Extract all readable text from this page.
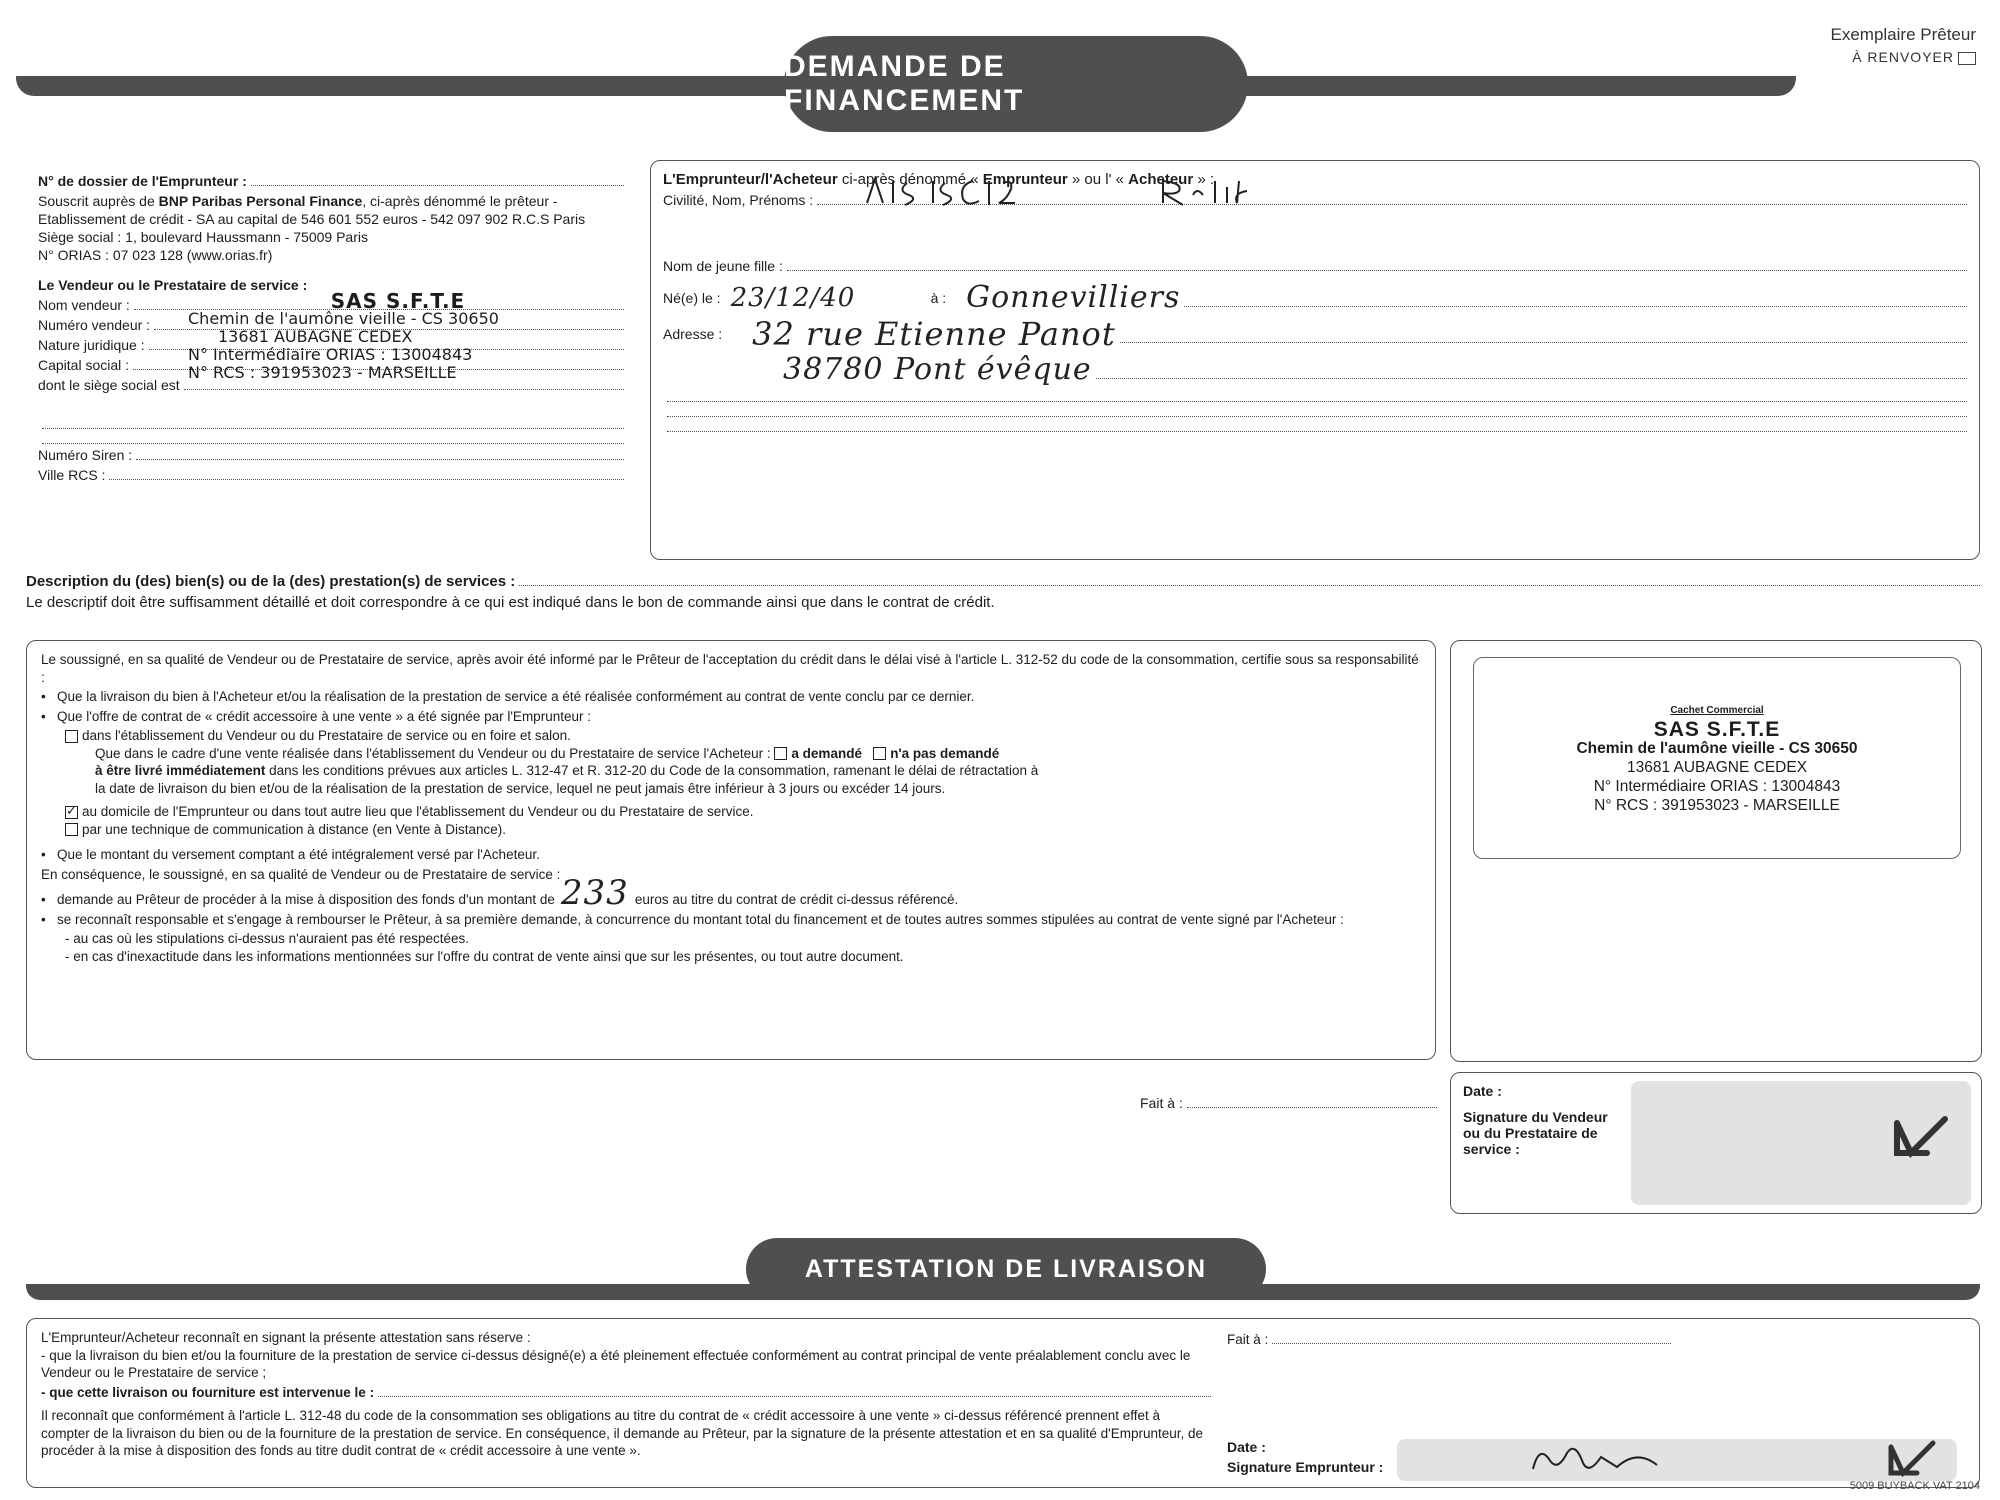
DEMANDE DE FINANCEMENT
Exemplaire Prêteur
À RENVOYER
N° de dossier de l'Emprunteur :
Souscrit auprès de BNP Paribas Personal Finance, ci-après dénommé le prêteur -
Etablissement de crédit - SA au capital de 546 601 552 euros - 542 097 902 R.C.S Paris
Siège social : 1, boulevard Haussmann - 75009 Paris
N° ORIAS : 07 023 128 (www.orias.fr)
Le Vendeur ou le Prestataire de service :
Nom vendeur :
Numéro vendeur :
Nature juridique :
Capital social :
dont le siège social est
SAS S.F.T.E
Chemin de l'aumône vieille - CS 30650
13681 AUBAGNE CEDEX
N° Intermédiaire ORIAS : 13004843
N° RCS : 391953023 - MARSEILLE
Numéro Siren :
Ville RCS :
L'Emprunteur/l'Acheteur ci-après dénommé « Emprunteur » ou l' « Acheteur » :
Civilité, Nom, Prénoms :
Nom de jeune fille :
Né(e) le : 23/12/40	à : Gonnevilliers
Adresse : 32 rue Etienne Panot
38780 Pont évêque
Description du (des) bien(s) ou de la (des) prestation(s) de services :
Le descriptif doit être suffisamment détaillé et doit correspondre à ce qui est indiqué dans le bon de commande ainsi que dans le contrat de crédit.
Le soussigné, en sa qualité de Vendeur ou de Prestataire de service, après avoir été informé par le Prêteur de l'acceptation du crédit dans le délai visé à l'article L. 312-52 du code de la consommation, certifie sous sa responsabilité :
• Que la livraison du bien à l'Acheteur et/ou la réalisation de la prestation de service a été réalisée conformément au contrat de vente conclu par ce dernier.
• Que l'offre de contrat de « crédit accessoire à une vente » a été signée par l'Emprunteur :
dans l'établissement du Vendeur ou du Prestataire de service ou en foire et salon.
Que dans le cadre d'une vente réalisée dans l'établissement du Vendeur ou du Prestataire de service l'Acheteur : a demandé n'a pas demandé
à être livré immédiatement dans les conditions prévues aux articles L. 312-47 et R. 312-20 du Code de la consommation, ramenant le délai de rétractation à
la date de livraison du bien et/ou de la réalisation de la prestation de service, lequel ne peut jamais être inférieur à 3 jours ou excéder 14 jours.
✓au domicile de l'Emprunteur ou dans tout autre lieu que l'établissement du Vendeur ou du Prestataire de service.
par une technique de communication à distance (en Vente à Distance).
• Que le montant du versement comptant a été intégralement versé par l'Acheteur.
En conséquence, le soussigné, en sa qualité de Vendeur ou de Prestataire de service :
• demande au Prêteur de procéder à la mise à disposition des fonds d'un montant de 233 euros au titre du contrat de crédit ci-dessus référencé.
• se reconnaît responsable et s'engage à rembourser le Prêteur, à sa première demande, à concurrence du montant total du financement et de toutes autres sommes stipulées au contrat de vente signé par l'Acheteur :
- au cas où les stipulations ci-dessus n'auraient pas été respectées.
- en cas d'inexactitude dans les informations mentionnées sur l'offre du contrat de vente ainsi que sur les présentes, ou tout autre document.
Cachet Commercial
SAS S.F.T.E
Chemin de l'aumône vieille - CS 30650
13681 AUBAGNE CEDEX
N° Intermédiaire ORIAS : 13004843
N° RCS : 391953023 - MARSEILLE
Fait à :
Date :
Signature du Vendeur ou du Prestataire de service :
ATTESTATION DE LIVRAISON
L'Emprunteur/Acheteur reconnaît en signant la présente attestation sans réserve :
- que la livraison du bien et/ou la fourniture de la prestation de service ci-dessus désigné(e) a été pleinement effectuée conformément au contrat principal de vente préalablement conclu avec le Vendeur ou le Prestataire de service ;
- que cette livraison ou fourniture est intervenue le :
Il reconnaît que conformément à l'article L. 312-48 du code de la consommation ses obligations au titre du contrat de « crédit accessoire à une vente » ci-dessus référencé prennent effet à compter de la livraison du bien ou de la fourniture de la prestation de service. En conséquence, il demande au Prêteur, par la signature de la présente attestation et en sa qualité d'Emprunteur, de procéder à la mise à disposition des fonds au titre dudit contrat de « crédit accessoire à une vente ».
Fait à :
Date :
Signature Emprunteur :
5009 BUYBACK VAT 2104
